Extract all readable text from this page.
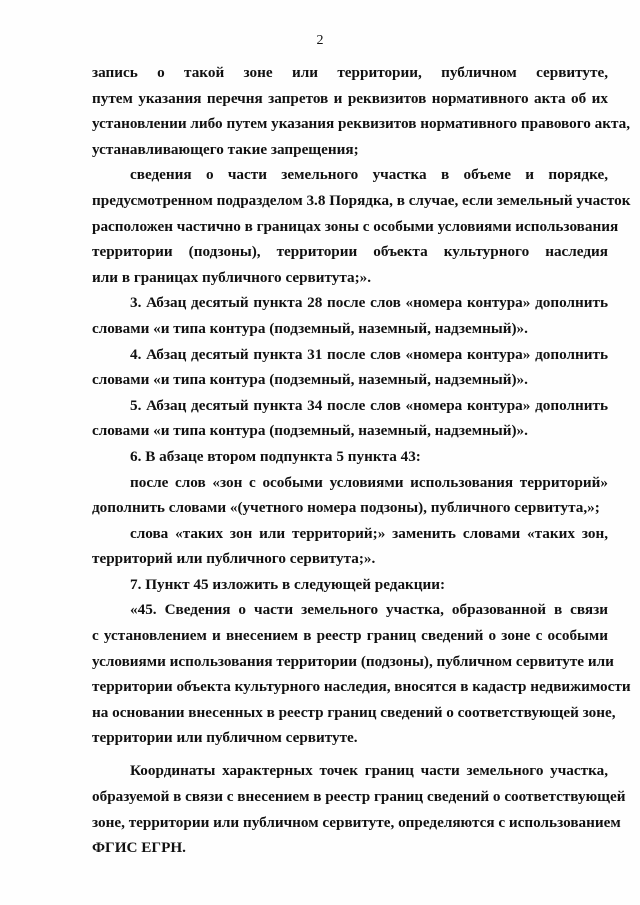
2
запись о такой зоне или территории, публичном сервитуте,
путем указания перечня запретов и реквизитов нормативного акта об их
установлении либо путем указания реквизитов нормативного правового акта,
устанавливающего такие запрещения;
сведения о части земельного участка в объеме и порядке,
предусмотренном подразделом 3.8 Порядка, в случае, если земельный участок
расположен частично в границах зоны с особыми условиями использования
территории (подзоны), территории объекта культурного наследия
или в границах публичного сервитута;».
3. Абзац десятый пункта 28 после слов «номера контура» дополнить
словами «и типа контура (подземный, наземный, надземный)».
4. Абзац десятый пункта 31 после слов «номера контура» дополнить
словами «и типа контура (подземный, наземный, надземный)».
5. Абзац десятый пункта 34 после слов «номера контура» дополнить
словами «и типа контура (подземный, наземный, надземный)».
6. В абзаце втором подпункта 5 пункта 43:
после слов «зон с особыми условиями использования территорий»
дополнить словами «(учетного номера подзоны), публичного сервитута,»;
слова «таких зон или территорий;» заменить словами «таких зон,
территорий или публичного сервитута;».
7. Пункт 45 изложить в следующей редакции:
«45. Сведения о части земельного участка, образованной в связи
с установлением и внесением в реестр границ сведений о зоне с особыми
условиями использования территории (подзоны), публичном сервитуте или
территории объекта культурного наследия, вносятся в кадастр недвижимости
на основании внесенных в реестр границ сведений о соответствующей зоне,
территории или публичном сервитуте.
Координаты характерных точек границ части земельного участка,
образуемой в связи с внесением в реестр границ сведений о соответствующей
зоне, территории или публичном сервитуте, определяются с использованием
ФГИС ЕГРН.
